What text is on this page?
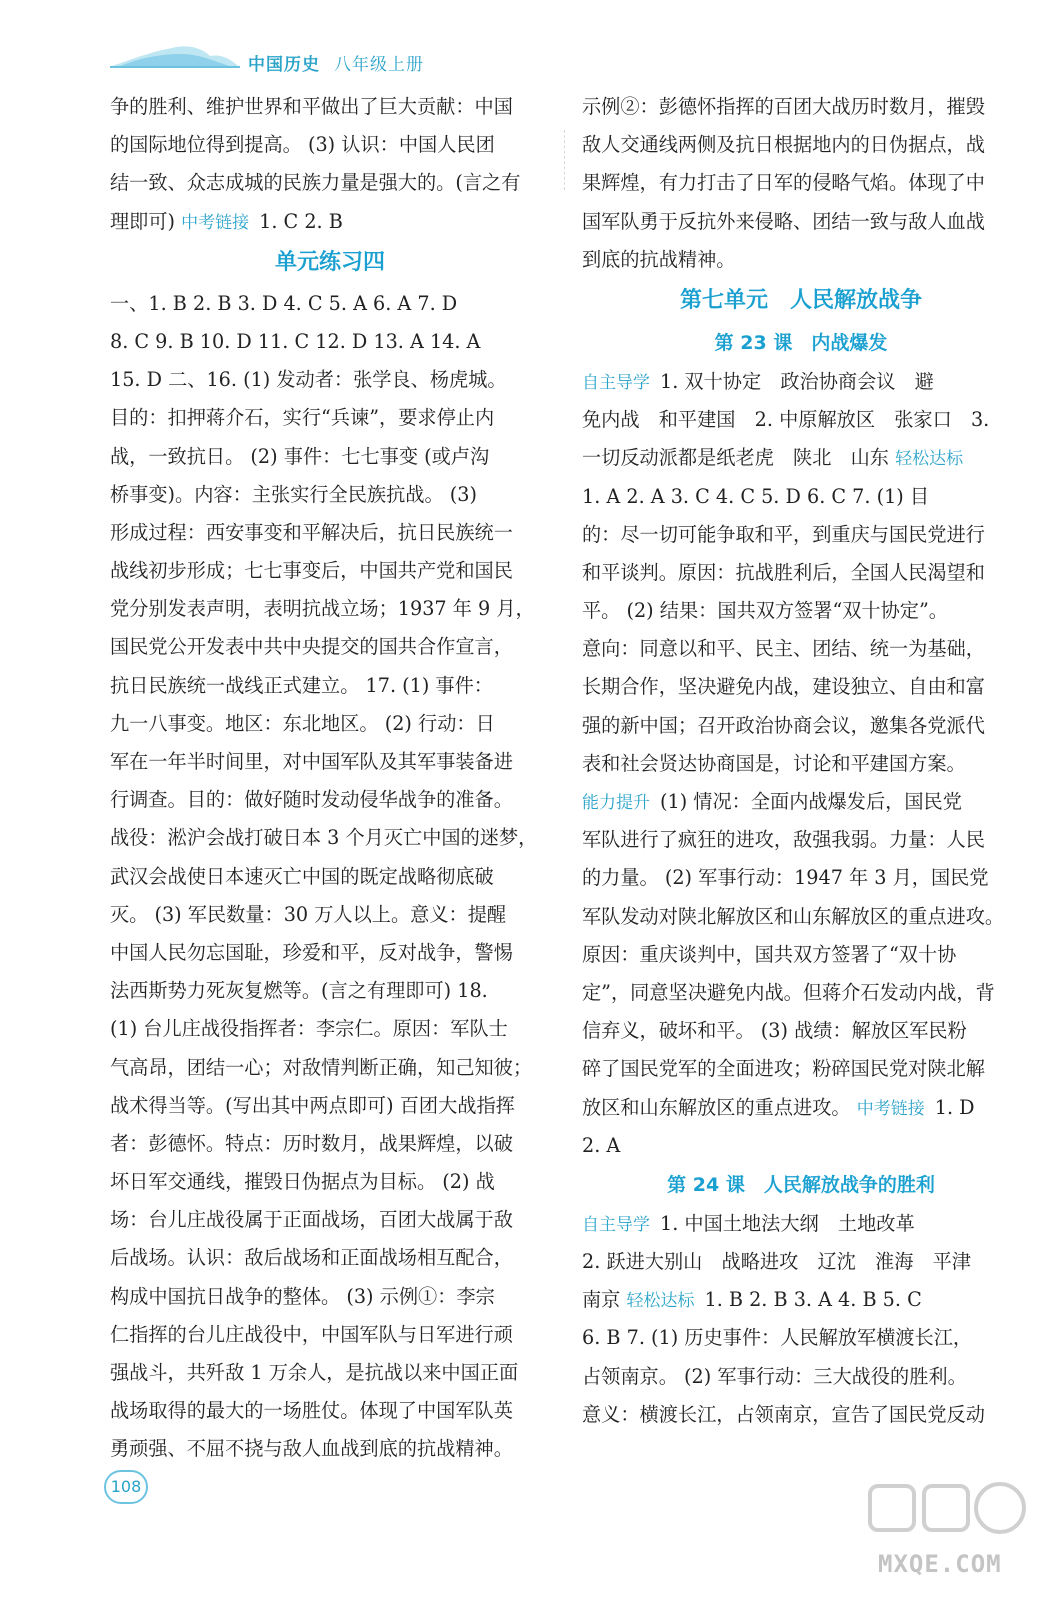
中国历史 八年级上册
争的胜利、维护世界和平做出了巨大贡献：中国
的国际地位得到提高。 (3) 认识：中国人民团
结一致、众志成城的民族力量是强大的。(言之有
理即可) 中考链接 1. C 2. B
单元练习四
一、1. B 2. B 3. D 4. C 5. A 6. A 7. D
8. C 9. B 10. D 11. C 12. D 13. A 14. A
15. D 二、16. (1) 发动者：张学良、杨虎城。
目的：扣押蒋介石，实行“兵谏”，要求停止内
战，一致抗日。 (2) 事件：七七事变 (或卢沟
桥事变)。内容：主张实行全民族抗战。 (3)
形成过程：西安事变和平解决后，抗日民族统一
战线初步形成；七七事变后，中国共产党和国民
党分别发表声明，表明抗战立场；1937 年 9 月，
国民党公开发表中共中央提交的国共合作宣言，
抗日民族统一战线正式建立。 17. (1) 事件：
九一八事变。地区：东北地区。 (2) 行动：日
军在一年半时间里，对中国军队及其军事装备进
行调查。目的：做好随时发动侵华战争的准备。
战役：淞沪会战打破日本 3 个月灭亡中国的迷梦，
武汉会战使日本速灭亡中国的既定战略彻底破
灭。 (3) 军民数量：30 万人以上。意义：提醒
中国人民勿忘国耻，珍爱和平，反对战争，警惕
法西斯势力死灰复燃等。(言之有理即可) 18.
(1) 台儿庄战役指挥者：李宗仁。原因：军队士
气高昂，团结一心；对敌情判断正确，知己知彼；
战术得当等。(写出其中两点即可) 百团大战指挥
者：彭德怀。特点：历时数月，战果辉煌，以破
坏日军交通线，摧毁日伪据点为目标。 (2) 战
场：台儿庄战役属于正面战场，百团大战属于敌
后战场。认识：敌后战场和正面战场相互配合，
构成中国抗日战争的整体。 (3) 示例①：李宗
仁指挥的台儿庄战役中，中国军队与日军进行顽
强战斗，共歼敌 1 万余人，是抗战以来中国正面
战场取得的最大的一场胜仗。体现了中国军队英
勇顽强、不屈不挠与敌人血战到底的抗战精神。
示例②：彭德怀指挥的百团大战历时数月，摧毁
敌人交通线两侧及抗日根据地内的日伪据点，战
果辉煌，有力打击了日军的侵略气焰。体现了中
国军队勇于反抗外来侵略、团结一致与敌人血战
到底的抗战精神。
第七单元　人民解放战争
第 23 课　内战爆发
自主导学 1. 双十协定　政治协商会议　避
免内战　和平建国　2. 中原解放区　张家口　3.
一切反动派都是纸老虎　陕北　山东 轻松达标
1. A 2. A 3. C 4. C 5. D 6. C 7. (1) 目
的：尽一切可能争取和平，到重庆与国民党进行
和平谈判。原因：抗战胜利后，全国人民渴望和
平。 (2) 结果：国共双方签署“双十协定”。
意向：同意以和平、民主、团结、统一为基础，
长期合作，坚决避免内战，建设独立、自由和富
强的新中国；召开政治协商会议，邀集各党派代
表和社会贤达协商国是，讨论和平建国方案。
能力提升 (1) 情况：全面内战爆发后，国民党
军队进行了疯狂的进攻，敌强我弱。力量：人民
的力量。 (2) 军事行动：1947 年 3 月，国民党
军队发动对陕北解放区和山东解放区的重点进攻。
原因：重庆谈判中，国共双方签署了“双十协
定”，同意坚决避免内战。但蒋介石发动内战，背
信弃义，破坏和平。 (3) 战绩：解放区军民粉
碎了国民党军的全面进攻；粉碎国民党对陕北解
放区和山东解放区的重点进攻。 中考链接 1. D
2. A
第 24 课　人民解放战争的胜利
自主导学 1. 中国土地法大纲　土地改革
2. 跃进大别山　战略进攻　辽沈　淮海　平津
南京 轻松达标 1. B 2. B 3. A 4. B 5. C
6. B 7. (1) 历史事件：人民解放军横渡长江，
占领南京。 (2) 军事行动：三大战役的胜利。
意义：横渡长江，占领南京，宣告了国民党反动
108
MXQE.COM
